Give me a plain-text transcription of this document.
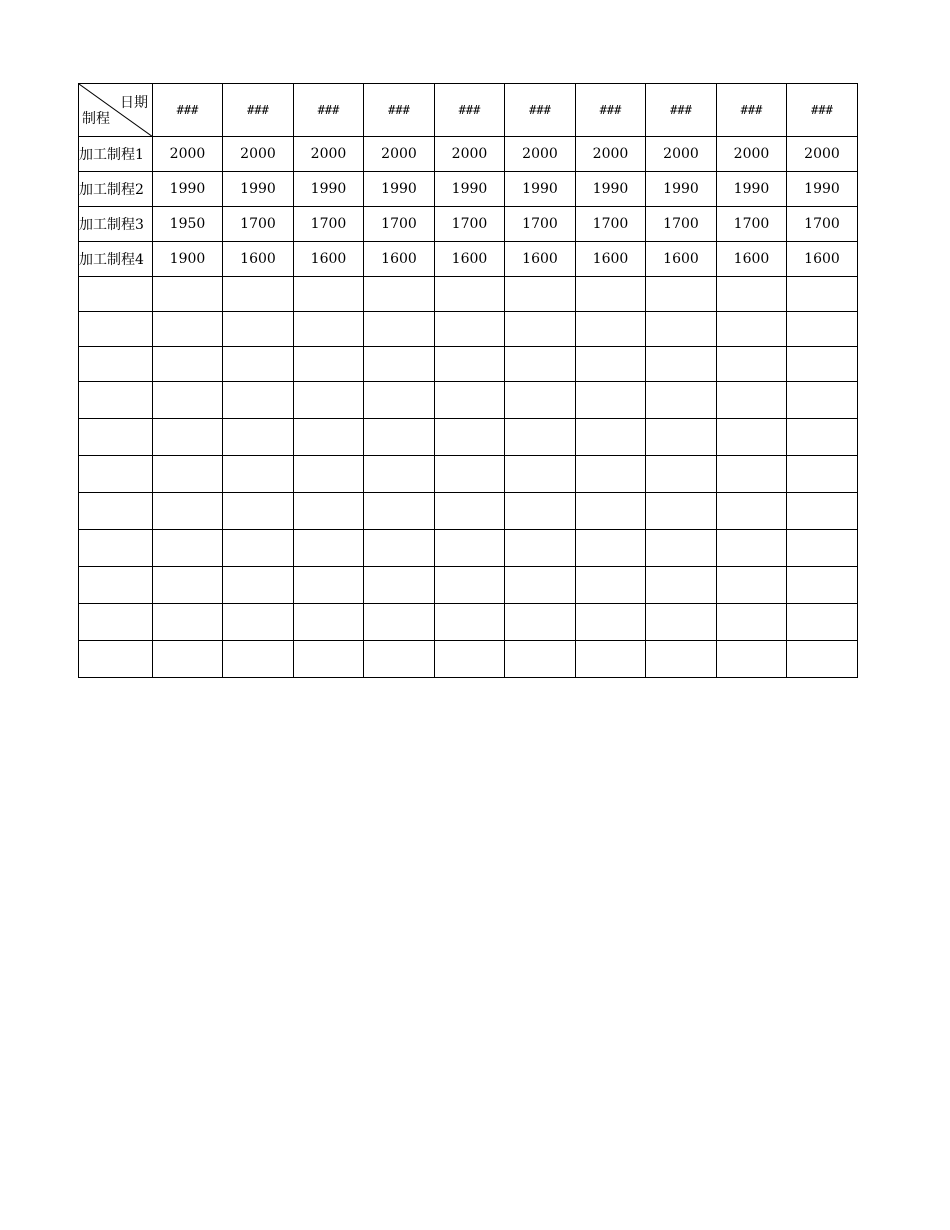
日期
制程	###	###	###	###	###	###	###	###	###	###
加工制程1	2000	2000	2000	2000	2000	2000	2000	2000	2000	2000
加工制程2	1990	1990	1990	1990	1990	1990	1990	1990	1990	1990
加工制程3	1950	1700	1700	1700	1700	1700	1700	1700	1700	1700
加工制程4	1900	1600	1600	1600	1600	1600	1600	1600	1600	1600
